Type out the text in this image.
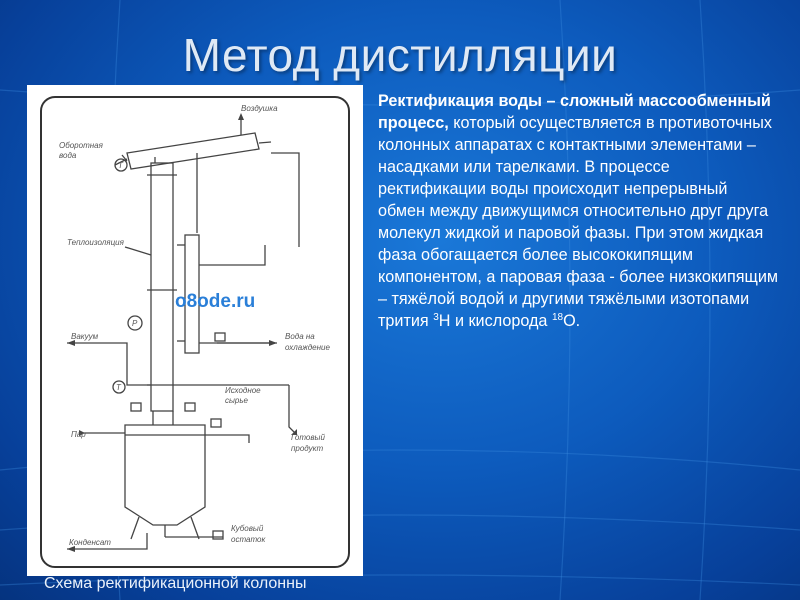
Метод дистилляции
Воздушка
Оборотная
вода
Теплоизоляция
Вакуум	Вода на
охлаждение
Исходное
сырье
Пар	Готовый
продукт
Кубовый
остаток
Конденсат
T
P
T
o8ode.ru
Схема ректификационной колонны
Ректификация воды – сложный массообменный процесс, который осуществляется в противоточных колонных аппаратах с контактными элементами – насадками или тарелками. В процессе ректификации воды происходит непрерывный обмен между движущимся относительно друг друга молекул жидкой и паровой фазы. При этом жидкая фаза обогащается более высококипящим компонентом, а паровая фаза - более низкокипящим – тяжёлой водой и другими тяжёлыми изотопами трития $^3$Н и кислорода $^{18}$О.
